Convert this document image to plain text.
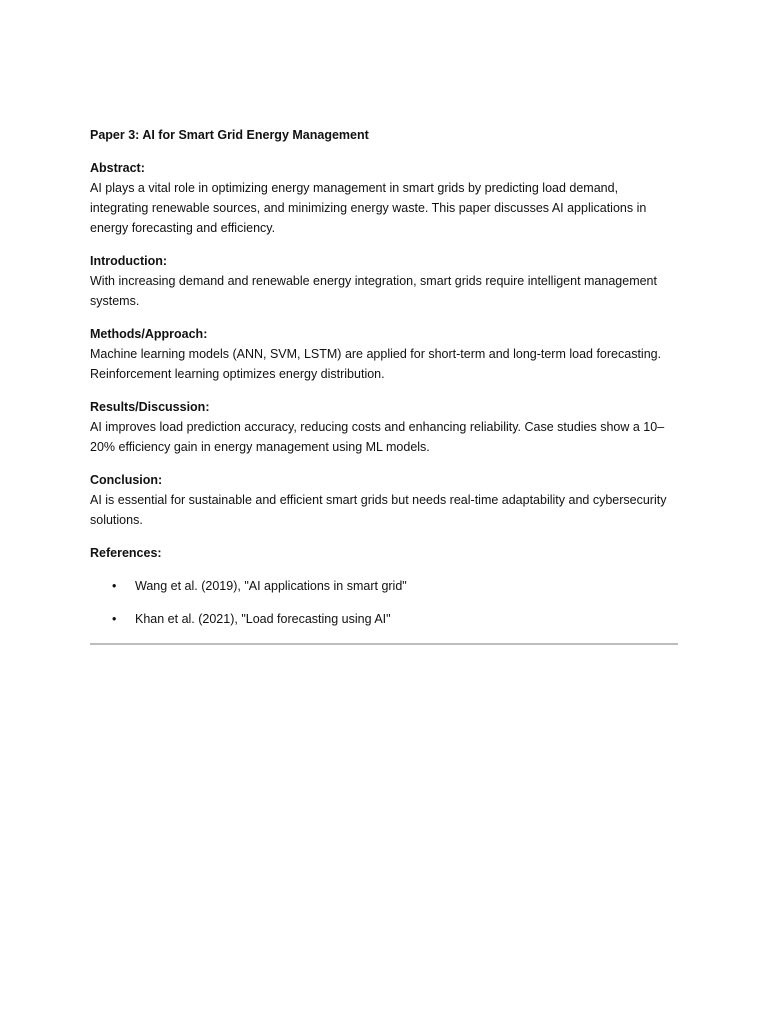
Paper 3: AI for Smart Grid Energy Management
Abstract:
AI plays a vital role in optimizing energy management in smart grids by predicting load demand, integrating renewable sources, and minimizing energy waste. This paper discusses AI applications in energy forecasting and efficiency.
Introduction:
With increasing demand and renewable energy integration, smart grids require intelligent management systems.
Methods/Approach:
Machine learning models (ANN, SVM, LSTM) are applied for short-term and long-term load forecasting. Reinforcement learning optimizes energy distribution.
Results/Discussion:
AI improves load prediction accuracy, reducing costs and enhancing reliability. Case studies show a 10–20% efficiency gain in energy management using ML models.
Conclusion:
AI is essential for sustainable and efficient smart grids but needs real-time adaptability and cybersecurity solutions.
References:
• Wang et al. (2019), "AI applications in smart grid"
• Khan et al. (2021), "Load forecasting using AI"
